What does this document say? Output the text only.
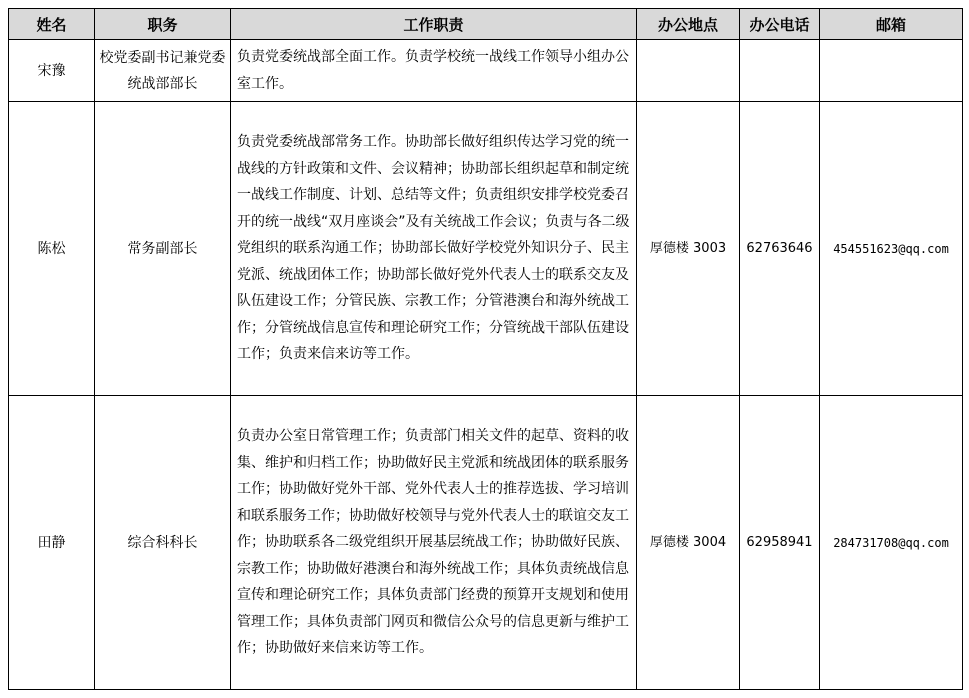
姓名	职务	工作职责	办公地点	办公电话	邮箱
宋豫	校党委副书记兼党委统战部部长	负责党委统战部全面工作。负责学校统一战线工作领导小组办公室工作。			
陈松	常务副部长	负责党委统战部常务工作。协助部长做好组织传达学习党的统一战线的方针政策和文件、会议精神；协助部长组织起草和制定统一战线工作制度、计划、总结等文件；负责组织安排学校党委召开的统一战线“双月座谈会”及有关统战工作会议；负责与各二级党组织的联系沟通工作；协助部长做好学校党外知识分子、民主党派、统战团体工作；协助部长做好党外代表人士的联系交友及队伍建设工作；分管民族、宗教工作；分管港澳台和海外统战工作；分管统战信息宣传和理论研究工作；分管统战干部队伍建设工作；负责来信来访等工作。	厚德楼 3003	62763646	454551623@qq.com
田静	综合科科长	负责办公室日常管理工作；负责部门相关文件的起草、资料的收集、维护和归档工作；协助做好民主党派和统战团体的联系服务工作；协助做好党外干部、党外代表人士的推荐选拔、学习培训和联系服务工作；协助做好校领导与党外代表人士的联谊交友工作；协助联系各二级党组织开展基层统战工作；协助做好民族、宗教工作；协助做好港澳台和海外统战工作；具体负责统战信息宣传和理论研究工作；具体负责部门经费的预算开支规划和使用管理工作；具体负责部门网页和微信公众号的信息更新与维护工作；协助做好来信来访等工作。	厚德楼 3004	62958941	284731708@qq.com
